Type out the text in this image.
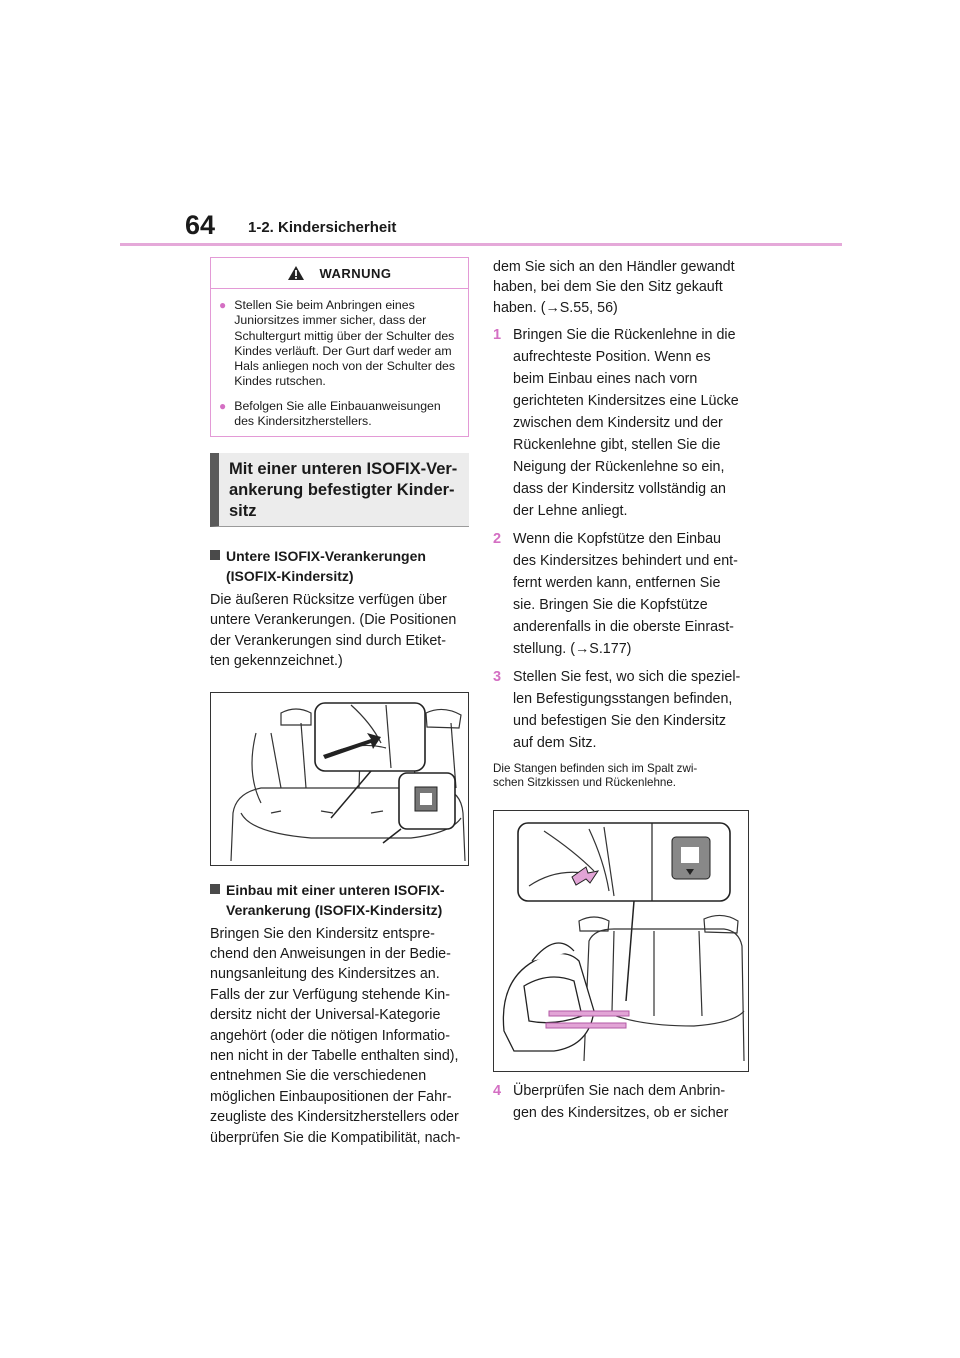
64 1-2. Kindersicherheit
WARNUNG
● Stellen Sie beim Anbringen eines Juniorsitzes immer sicher, dass der Schultergurt mittig über der Schulter des Kindes verläuft. Der Gurt darf weder am Hals anliegen noch von der Schulter des Kindes rutschen.
● Befolgen Sie alle Einbauanweisungen des Kindersitzherstellers.
Mit einer unteren ISOFIX-Ver-
ankerung befestigter Kinder-
sitz
Untere ISOFIX-Verankerungen
(ISOFIX-Kindersitz)
Die äußeren Rücksitze verfügen über
untere Verankerungen. (Die Positionen
der Verankerungen sind durch Etiket-
ten gekennzeichnet.)
Einbau mit einer unteren ISOFIX-
Verankerung (ISOFIX-Kindersitz)
Bringen Sie den Kindersitz entspre-
chend den Anweisungen in der Bedie-
nungsanleitung des Kindersitzes an.
Falls der zur Verfügung stehende Kin-
dersitz nicht der Universal-Kategorie
angehört (oder die nötigen Informatio-
nen nicht in der Tabelle enthalten sind),
entnehmen Sie die verschiedenen
möglichen Einbaupositionen der Fahr-
zeugliste des Kindersitzherstellers oder
überprüfen Sie die Kompatibilität, nach-
dem Sie sich an den Händler gewandt
haben, bei dem Sie den Sitz gekauft
haben. (→S.55, 56)
1 Bringen Sie die Rückenlehne in die
aufrechteste Position. Wenn es
beim Einbau eines nach vorn
gerichteten Kindersitzes eine Lücke
zwischen dem Kindersitz und der
Rückenlehne gibt, stellen Sie die
Neigung der Rückenlehne so ein,
dass der Kindersitz vollständig an
der Lehne anliegt.
2 Wenn die Kopfstütze den Einbau
des Kindersitzes behindert und ent-
fernt werden kann, entfernen Sie
sie. Bringen Sie die Kopfstütze
anderenfalls in die oberste Einrast-
stellung. (→S.177)
3 Stellen Sie fest, wo sich die speziel-
len Befestigungsstangen befinden,
und befestigen Sie den Kindersitz
auf dem Sitz.
Die Stangen befinden sich im Spalt zwi-
schen Sitzkissen und Rückenlehne.
4 Überprüfen Sie nach dem Anbrin-
gen des Kindersitzes, ob er sicher
